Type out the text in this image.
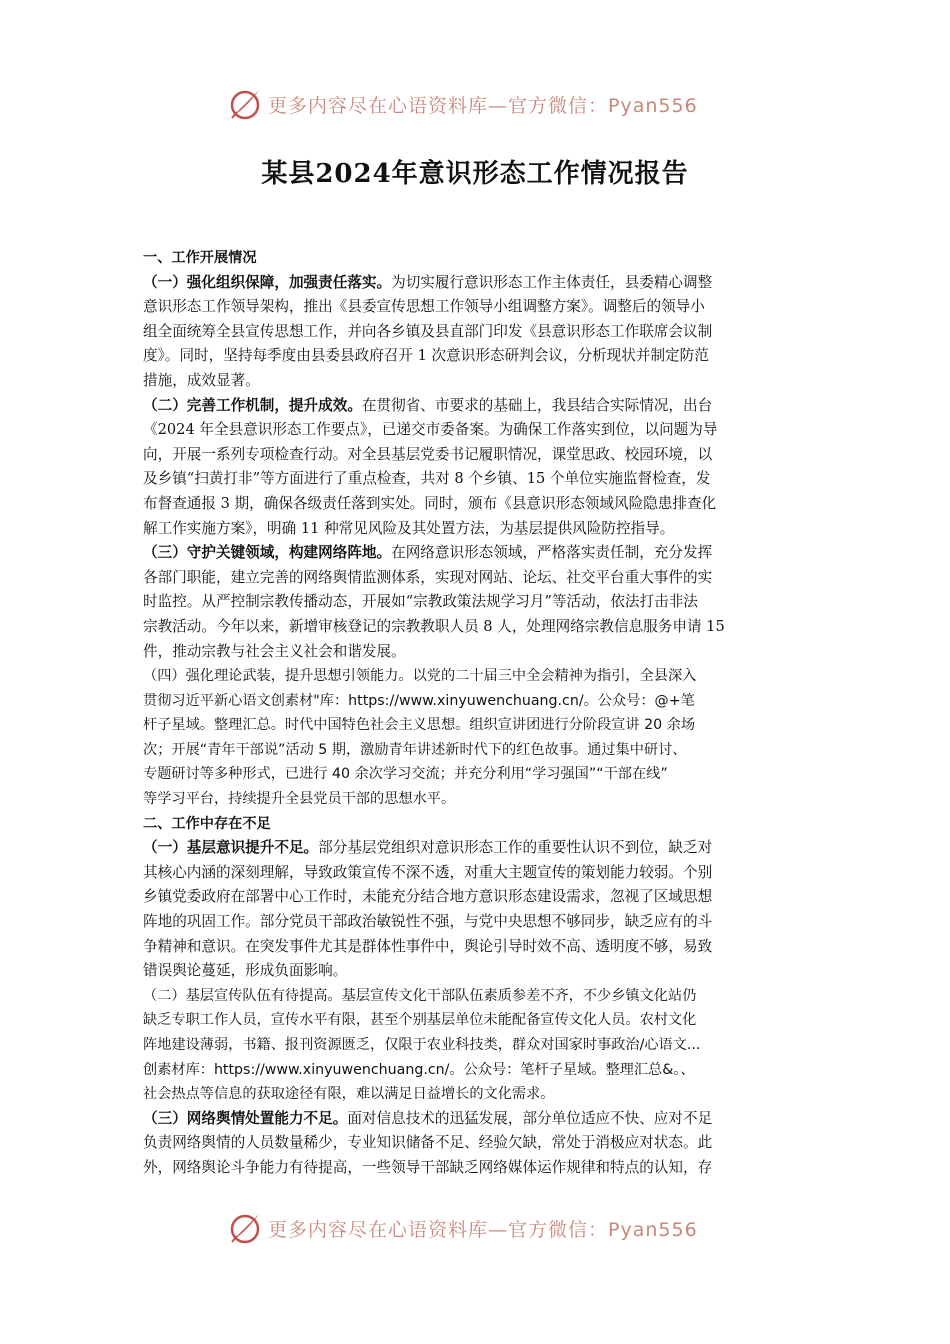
更多内容尽在心语资料库—官方微信：Pyan556
某县2024年意识形态工作情况报告
一、工作开展情况
（一）强化组织保障，加强责任落实。为切实履行意识形态工作主体责任，县委精心调整
意识形态工作领导架构，推出《县委宣传思想工作领导小组调整方案》。调整后的领导小
组全面统筹全县宣传思想工作，并向各乡镇及县直部门印发《县意识形态工作联席会议制
度》。同时，坚持每季度由县委县政府召开 1 次意识形态研判会议，分析现状并制定防范
措施，成效显著。
（二）完善工作机制，提升成效。在贯彻省、市要求的基础上，我县结合实际情况，出台
《2024 年全县意识形态工作要点》，已递交市委备案。为确保工作落实到位，以问题为导
向，开展一系列专项检查行动。对全县基层党委书记履职情况，课堂思政、校园环境，以
及乡镇“扫黄打非”等方面进行了重点检查，共对 8 个乡镇、15 个单位实施监督检查，发
布督查通报 3 期，确保各级责任落到实处。同时，颁布《县意识形态领域风险隐患排查化
解工作实施方案》，明确 11 种常见风险及其处置方法，为基层提供风险防控指导。
（三）守护关键领域，构建网络阵地。在网络意识形态领域，严格落实责任制，充分发挥
各部门职能，建立完善的网络舆情监测体系，实现对网站、论坛、社交平台重大事件的实
时监控。从严控制宗教传播动态，开展如“宗教政策法规学习月”等活动，依法打击非法
宗教活动。今年以来，新增审核登记的宗教教职人员 8 人，处理网络宗教信息服务申请 15
件，推动宗教与社会主义社会和谐发展。
（四）强化理论武装，提升思想引领能力。以党的二十届三中全会精神为指引，全县深入
贯彻习近平新心语文创素材"库：https://www.xinyuwenchuang.cn/。公众号：@+笔
杆子星域。整理汇总。时代中国特色社会主义思想。组织宣讲团进行分阶段宣讲 20 余场
次；开展“青年干部说”活动 5 期，激励青年讲述新时代下的红色故事。通过集中研讨、
专题研讨等多种形式，已进行 40 余次学习交流；并充分利用“学习强国”“干部在线”
等学习平台，持续提升全县党员干部的思想水平。
二、工作中存在不足
（一）基层意识提升不足。部分基层党组织对意识形态工作的重要性认识不到位，缺乏对
其核心内涵的深刻理解，导致政策宣传不深不透，对重大主题宣传的策划能力较弱。个别
乡镇党委政府在部署中心工作时，未能充分结合地方意识形态建设需求，忽视了区域思想
阵地的巩固工作。部分党员干部政治敏锐性不强，与党中央思想不够同步，缺乏应有的斗
争精神和意识。在突发事件尤其是群体性事件中，舆论引导时效不高、透明度不够，易致
错误舆论蔓延，形成负面影响。
（二）基层宣传队伍有待提高。基层宣传文化干部队伍素质参差不齐，不少乡镇文化站仍
缺乏专职工作人员，宣传水平有限，甚至个别基层单位未能配备宣传文化人员。农村文化
阵地建设薄弱，书籍、报刊资源匮乏，仅限于农业科技类，群众对国家时事政治/心语文...
创素材库：https://www.xinyuwenchuang.cn/。公众号：笔杆子星域。整理汇总&。、
社会热点等信息的获取途径有限，难以满足日益增长的文化需求。
（三）网络舆情处置能力不足。面对信息技术的迅猛发展，部分单位适应不快、应对不足
负责网络舆情的人员数量稀少，专业知识储备不足、经验欠缺，常处于消极应对状态。此
外，网络舆论斗争能力有待提高，一些领导干部缺乏网络媒体运作规律和特点的认知，存
更多内容尽在心语资料库—官方微信：Pyan556
